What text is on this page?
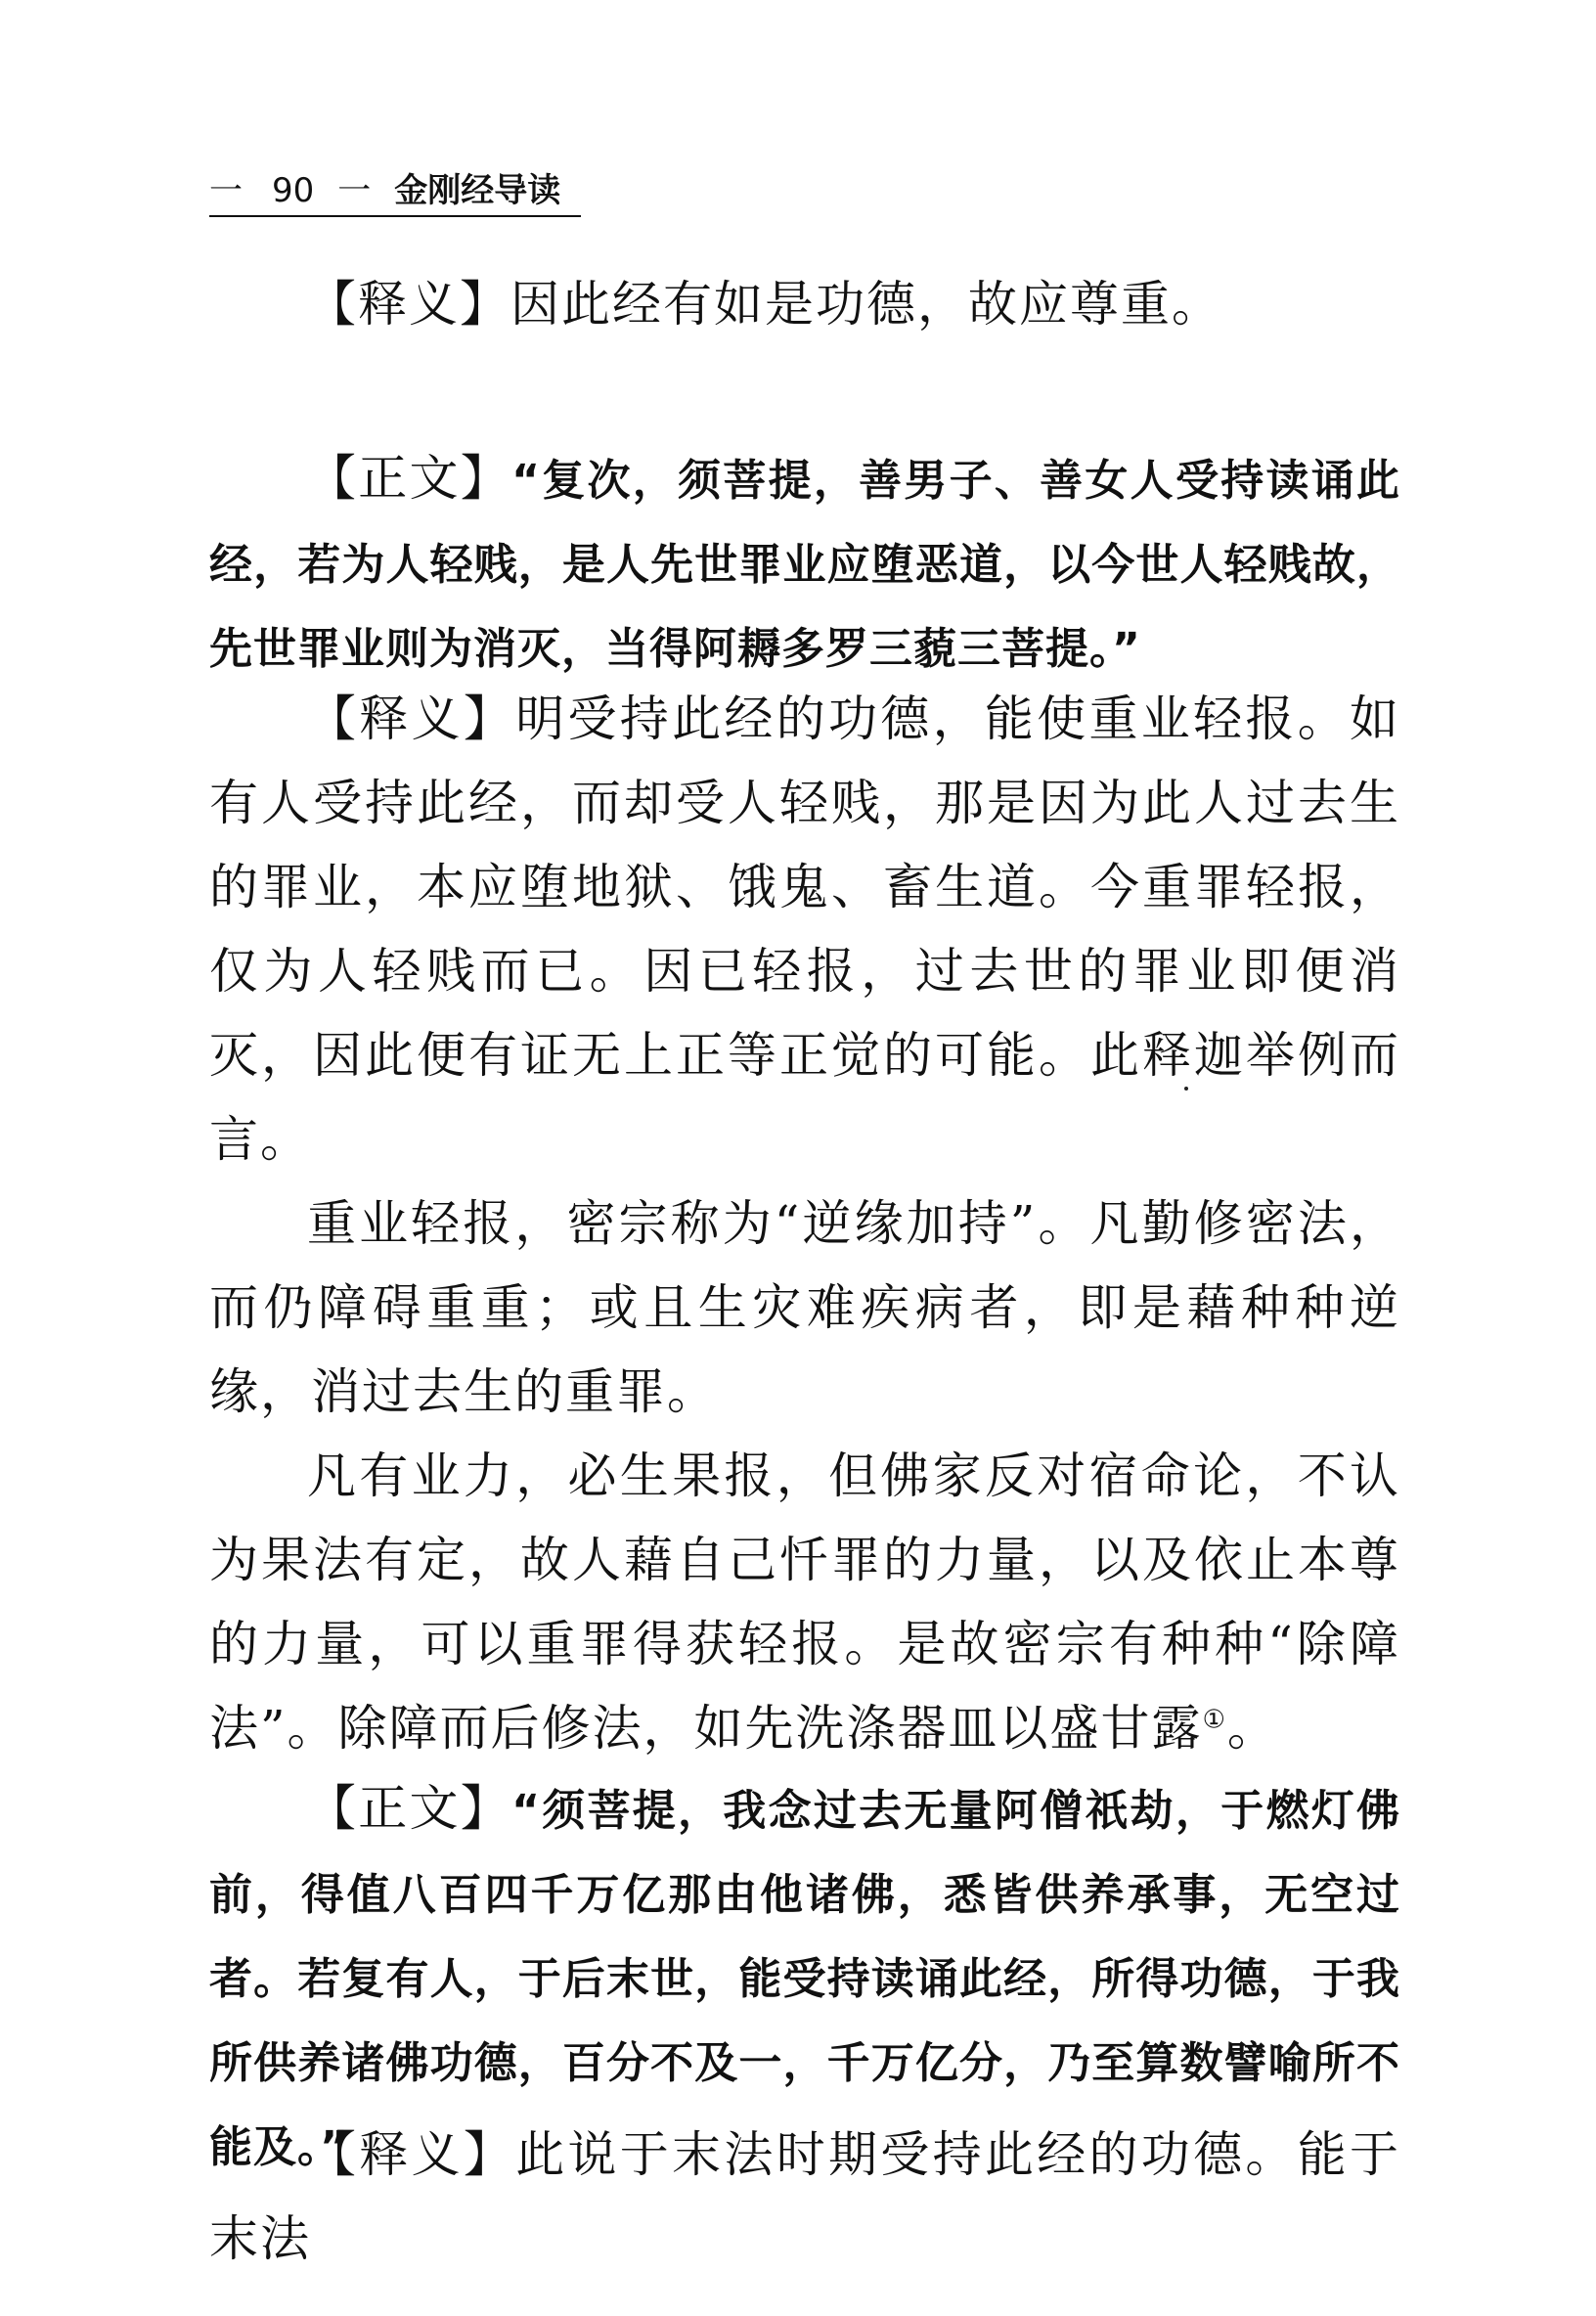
一 90 一 金刚经导读

【释义】因此经有如是功德，故应尊重。

【正文】“复次，须菩提，善男子、善女人受持读诵此经，若为人轻贱，是人先世罪业应堕恶道，以今世人轻贱故，先世罪业则为消灭，当得阿耨多罗三藐三菩提。”

【释义】明受持此经的功德，能使重业轻报。如有人受持此经，而却受人轻贱，那是因为此人过去生的罪业，本应堕地狱、饿鬼、畜生道。今重罪轻报，仅为人轻贱而已。因已轻报，过去世的罪业即便消灭，因此便有证无上正等正觉的可能。此释迦举例而言。

重业轻报，密宗称为“逆缘加持”。凡勤修密法，而仍障碍重重；或且生灾难疾病者，即是藉种种逆缘，消过去生的重罪。

凡有业力，必生果报，但佛家反对宿命论，不认为果法有定，故人藉自己忏罪的力量，以及依止本尊的力量，可以重罪得获轻报。是故密宗有种种“除障法”。除障而后修法，如先洗涤器皿以盛甘露①。

【正文】“须菩提，我念过去无量阿僧祇劫，于燃灯佛前，得值八百四千万亿那由他诸佛，悉皆供养承事，无空过者。若复有人，于后末世，能受持读诵此经，所得功德，于我所供养诸佛功德，百分不及一，千万亿分，乃至算数譬喻所不能及。”

【释义】此说于末法时期受持此经的功德。能于末法
